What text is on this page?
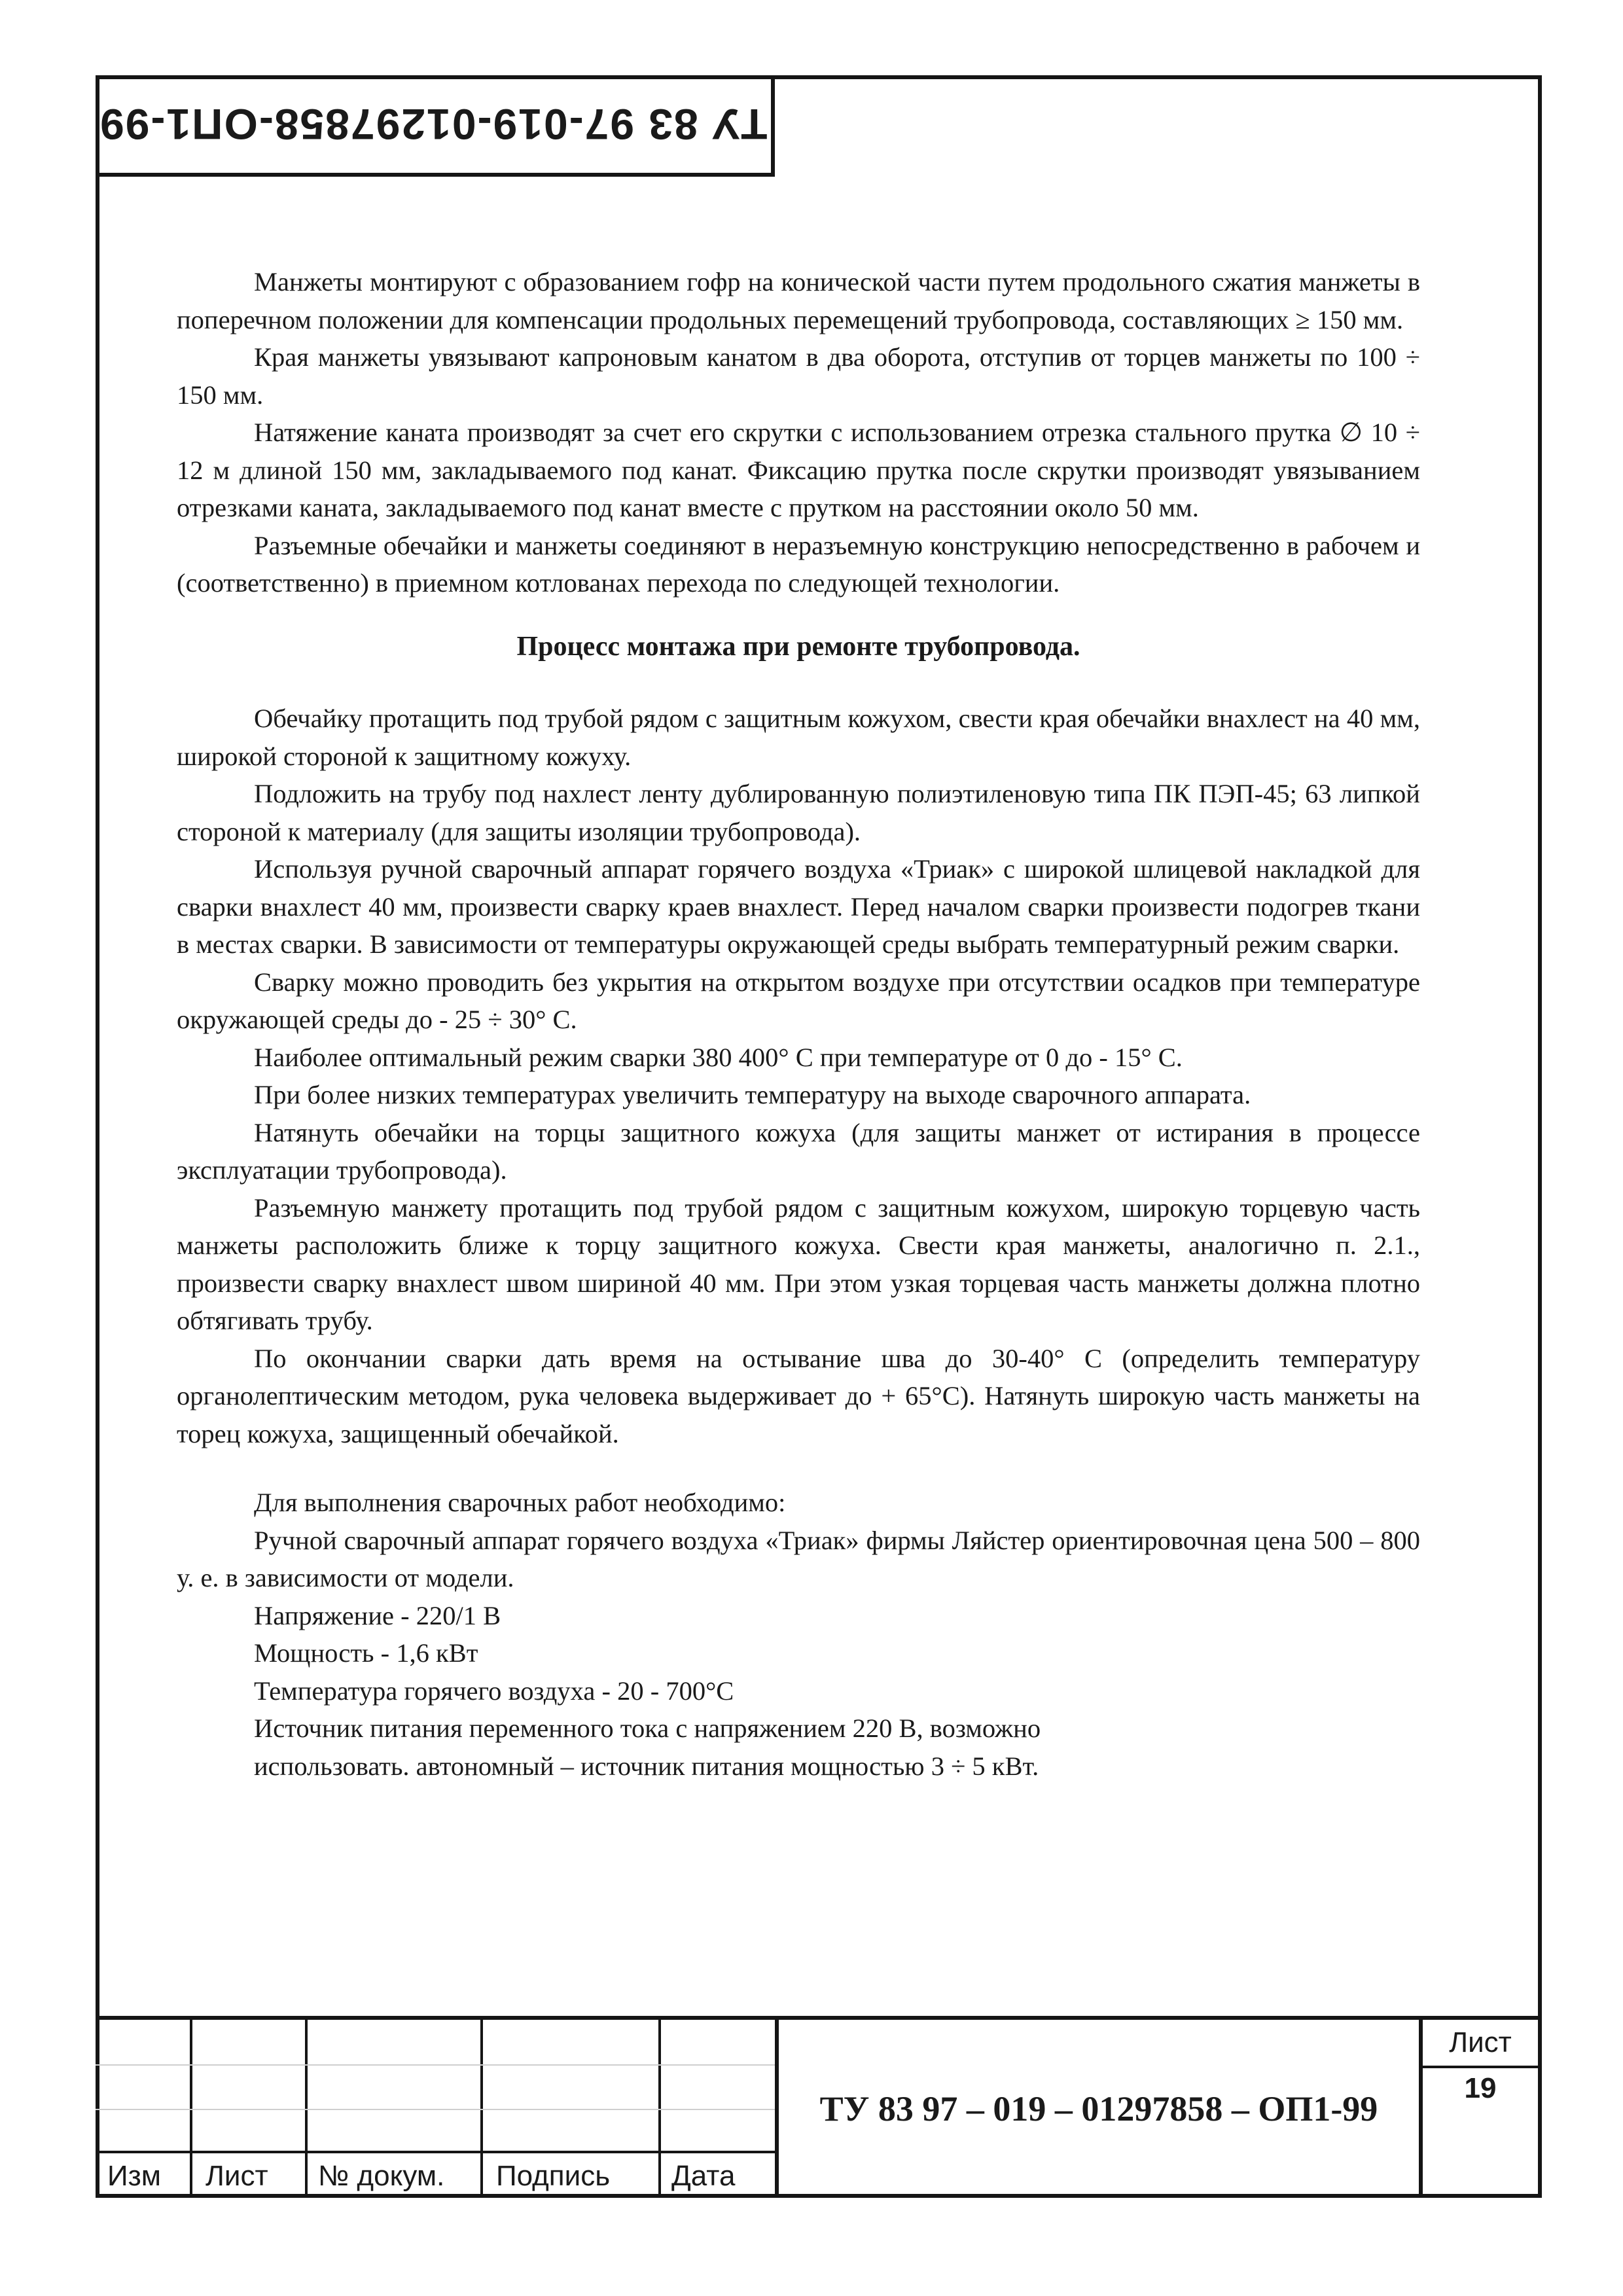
ТУ 83 97-019-01297858-ОП1-99

Манжеты монтируют с образованием гофр на конической части путем продольного сжатия манжеты в поперечном положении для компенсации продольных перемещений трубопровода, составляющих ≥ 150 мм.

Края манжеты увязывают капроновым канатом в два оборота, отступив от торцев манжеты по 100 ÷ 150 мм.

Натяжение каната производят за счет его скрутки с использованием отрезка стального прутка ∅ 10 ÷ 12 м длиной 150 мм, закладываемого под канат. Фиксацию прутка после скрутки производят увязыванием отрезками каната, закладываемого под канат вместе с прутком на расстоянии около 50 мм.

Разъемные обечайки и манжеты соединяют в неразъемную конструкцию непосредственно в рабочем и (соответственно) в приемном котлованах перехода по следующей технологии.

Процесс монтажа при ремонте трубопровода.

Обечайку протащить под трубой рядом с защитным кожухом, свести края обечайки внахлест на 40 мм, широкой стороной к защитному кожуху.

Подложить на трубу под нахлест ленту дублированную полиэтиленовую типа ПК ПЭП-45; 63 липкой стороной к материалу (для защиты изоляции трубопровода).

Используя ручной сварочный аппарат горячего воздуха «Триак» с широкой шлицевой накладкой для сварки внахлест 40 мм, произвести сварку краев внахлест. Перед началом сварки произвести подогрев ткани в местах сварки. В зависимости от температуры окружающей среды выбрать температурный режим сварки.

Сварку можно проводить без укрытия на открытом воздухе при отсутствии осадков при температуре окружающей среды до - 25 ÷ 30° С.

Наиболее оптимальный режим сварки 380 400° С при температуре от 0 до - 15° С.

При более низких температурах увеличить температуру на выходе сварочного аппарата.

Натянуть обечайки на торцы защитного кожуха (для защиты манжет от истирания в процессе эксплуатации трубопровода).

Разъемную манжету протащить под трубой рядом с защитным кожухом, широкую торцевую часть манжеты расположить ближе к торцу защитного кожуха. Свести края манжеты, аналогично п. 2.1., произвести сварку внахлест швом шириной 40 мм. При этом узкая торцевая часть манжеты должна плотно обтягивать трубу.

По окончании сварки дать время на остывание шва до 30-40° С (определить температуру органолептическим методом, рука человека выдерживает до + 65°С). Натянуть широкую часть манжеты на торец кожуха, защищенный обечайкой.

Для выполнения сварочных работ необходимо:

Ручной сварочный аппарат горячего воздуха «Триак» фирмы Ляйстер ориентировочная цена 500 – 800 у. е. в зависимости от модели.

Напряжение - 220/1 В

Мощность - 1,6 кВт

Температура горячего воздуха - 20 - 700°С

Источник питания переменного тока с напряжением 220 В, возможно

использовать. автономный – источник питания мощностью 3 ÷ 5 кВт.

Изм Лист № докум. Подпись Дата
ТУ 83 97 – 019 – 01297858 – ОП1-99
Лист
19
